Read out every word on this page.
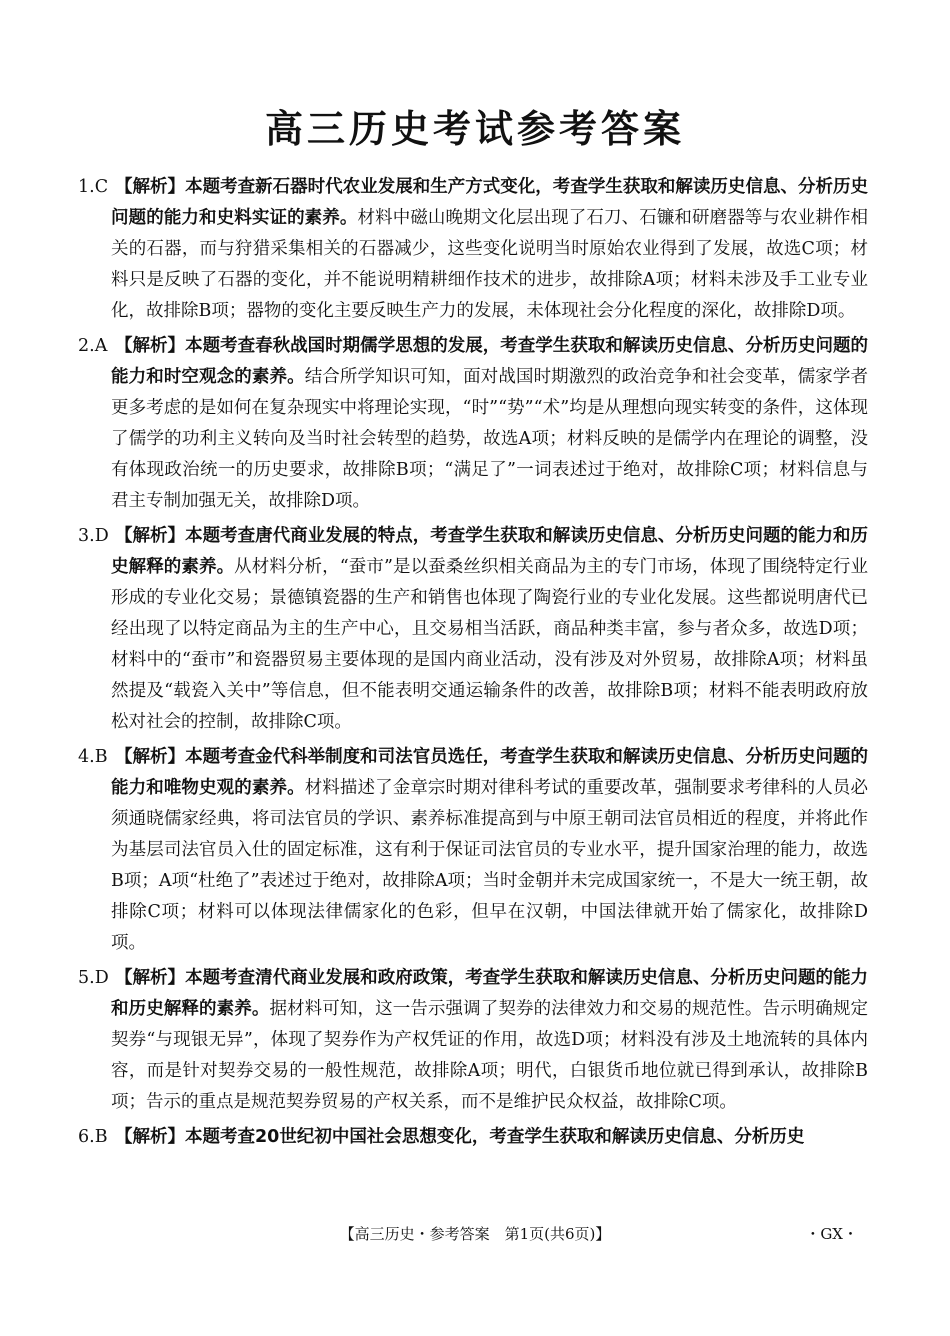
高三历史考试参考答案
1.C 【解析】本题考查新石器时代农业发展和生产方式变化，考查学生获取和解读历史信息、分析历史问题的能力和史料实证的素养。材料中磁山晚期文化层出现了石刀、石镰和研磨器等与农业耕作相关的石器，而与狩猎采集相关的石器减少，这些变化说明当时原始农业得到了发展，故选C项；材料只是反映了石器的变化，并不能说明精耕细作技术的进步，故排除A项；材料未涉及手工业专业化，故排除B项；器物的变化主要反映生产力的发展，未体现社会分化程度的深化，故排除D项。

2.A 【解析】本题考查春秋战国时期儒学思想的发展，考查学生获取和解读历史信息、分析历史问题的能力和时空观念的素养。结合所学知识可知，面对战国时期激烈的政治竞争和社会变革，儒家学者更多考虑的是如何在复杂现实中将理论实现，“时”“势”“术”均是从理想向现实转变的条件，这体现了儒学的功利主义转向及当时社会转型的趋势，故选A项；材料反映的是儒学内在理论的调整，没有体现政治统一的历史要求，故排除B项；“满足了”一词表述过于绝对，故排除C项；材料信息与君主专制加强无关，故排除D项。

3.D 【解析】本题考查唐代商业发展的特点，考查学生获取和解读历史信息、分析历史问题的能力和历史解释的素养。从材料分析，“蚕市”是以蚕桑丝织相关商品为主的专门市场，体现了围绕特定行业形成的专业化交易；景德镇瓷器的生产和销售也体现了陶瓷行业的专业化发展。这些都说明唐代已经出现了以特定商品为主的生产中心，且交易相当活跃，商品种类丰富，参与者众多，故选D项；材料中的“蚕市”和瓷器贸易主要体现的是国内商业活动，没有涉及对外贸易，故排除A项；材料虽然提及“载瓷入关中”等信息，但不能表明交通运输条件的改善，故排除B项；材料不能表明政府放松对社会的控制，故排除C项。

4.B 【解析】本题考查金代科举制度和司法官员选任，考查学生获取和解读历史信息、分析历史问题的能力和唯物史观的素养。材料描述了金章宗时期对律科考试的重要改革，强制要求考律科的人员必须通晓儒家经典，将司法官员的学识、素养标准提高到与中原王朝司法官员相近的程度，并将此作为基层司法官员入仕的固定标准，这有利于保证司法官员的专业水平，提升国家治理的能力，故选B项；A项“杜绝了”表述过于绝对，故排除A项；当时金朝并未完成国家统一，不是大一统王朝，故排除C项；材料可以体现法律儒家化的色彩，但早在汉朝，中国法律就开始了儒家化，故排除D项。

5.D 【解析】本题考查清代商业发展和政府政策，考查学生获取和解读历史信息、分析历史问题的能力和历史解释的素养。据材料可知，这一告示强调了契券的法律效力和交易的规范性。告示明确规定契券“与现银无异”，体现了契券作为产权凭证的作用，故选D项；材料没有涉及土地流转的具体内容，而是针对契券交易的一般性规范，故排除A项；明代，白银货币地位就已得到承认，故排除B项；告示的重点是规范契券贸易的产权关系，而不是维护民众权益，故排除C项。

6.B 【解析】本题考查20世纪初中国社会思想变化，考查学生获取和解读历史信息、分析历史

【高三历史・参考答案　第1页(共6页)】	・GX・
